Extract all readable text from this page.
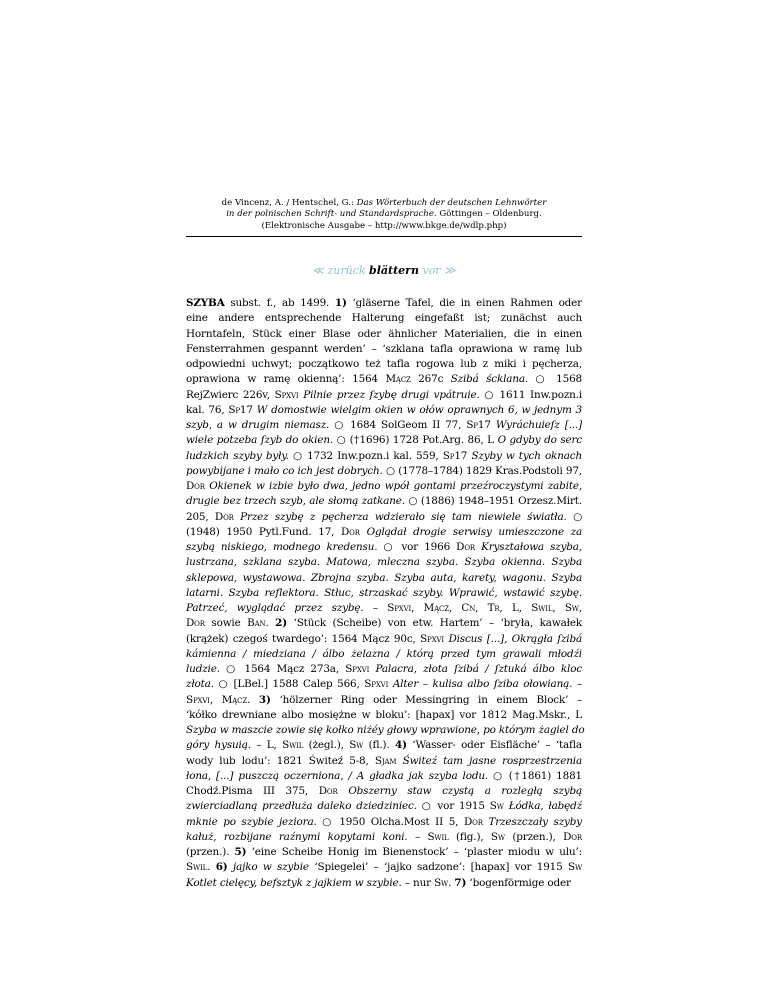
de Vincenz, A. / Hentschel, G.: Das Wörterbuch der deutschen Lehnwörter
in der polnischen Schrift- und Standardsprache. Göttingen – Oldenburg.
(Elektronische Ausgabe – http://www.bkge.de/wdlp.php)
≪ zurück blättern vor ≫
SZYBA subst. f., ab 1499. 1) ‘gläserne Tafel, die in einen Rahmen oder
eine andere entsprechende Halterung eingefaßt ist; zunächst auch
Horntafeln, Stück einer Blase oder ähnlicher Materialien, die in einen
Fensterrahmen gespannt werden’ – ‘szklana tafla oprawiona w ramę lub
odpowiedni uchwyt; początkowo też tafla rogowa lub z miki i pęcherza,
oprawiona w ramę okienną’: 1564 Mącz 267c Szibá ścklana. ○ 1568
RejZwierc 226v, Spxvi Pilnie przez ſzybę drugi vpátruie. ○ 1611 Inw.pozn.i
kal. 76, Sp17 W domostwie wielgim okien w ołów oprawnych 6, w jednym 3
szyb, a w drugim niemasz. ○ 1684 SolGeom II 77, Sp17 Wyráchuieſz [...]
wiele potzeba ſzyb do okien. ○ (†1696) 1728 Pot.Arg. 86, L O gdyby do serc
ludzkich szyby były. ○ 1732 Inw.pozn.i kal. 559, Sp17 Szyby w tych oknach
powybijane i mało co ich jest dobrych. ○ (1778–1784) 1829 Kras.Podstoli 97,
Dor Okienek w izbie było dwa, jedno wpół gontami przeźroczystymi zabite,
drugie bez trzech szyb, ale słomą zatkane. ○ (1886) 1948–1951 Orzesz.Mirt.
205, Dor Przez szybę z pęcherza wdzierało się tam niewiele światła. ○
(1948) 1950 Pytl.Fund. 17, Dor Oglądał drogie serwisy umieszczone za
szybą niskiego, modnego kredensu. ○ vor 1966 Dor Kryształowa szyba,
lustrzana, szklana szyba. Matowa, mleczna szyba. Szyba okienna. Szyba
sklepowa, wystawowa. Zbrojna szyba. Szyba auta, karety, wagonu. Szyba
latarni. Szyba reflektora. Stłuc, strzaskać szyby. Wprawić, wstawić szybę.
Patrzeć, wyglądać przez szybę. – Spxvi, Mącz, Cn, Tr, L, Swil, Sw,
Dor sowie Ban. 2) ‘Stück (Scheibe) von etw. Hartem’ – ‘bryła, kawałek
(krążek) czegoś twardego’: 1564 Mącz 90c, Spxvi Discus [...], Okrągła ſzibá
kámienna / miedziana / álbo żelazna / którą przed tym grawali młodźi
ludzie. ○ 1564 Mącz 273a, Spxvi Palacra, złota ſzibá / ſztuká álbo kloc
złota. ○ [LBel.] 1588 Calep 566, Spxvi Alter – kulisa albo ſziba ołowianą. –
Spxvi, Mącz. 3) ‘hölzerner Ring oder Messingring in einem Block’ –
‘kółko drewniane albo mosiężne w bloku’: [hapax] vor 1812 Mag.Mskr., L
Szyba w maszcie zowie się kołko niżéy głowy wprawione, po którym żagiel do
góry hysuią. – L, Swil (żegl.), Sw (fl.). 4) ‘Wasser- oder Eisfläche’ – ‘tafla
wody lub lodu’: 1821 Świteź 5-8, Sjam Świteź tam jasne rosprzestrzenia
łona, [...] puszczą oczerniona, / A gładka jak szyba lodu. ○ (†1861) 1881
Chodź.Pisma III 375, Dor Obszerny staw czystą a rozległą szybą
zwierciadlaną przedłuża daleko dziedziniec. ○ vor 1915 Sw Łódka, łabędź
mknie po szybie jeziora. ○ 1950 Olcha.Most II 5, Dor Trzeszczały szyby
kałuż, rozbijane raźnymi kopytami koni. – Swil (fig.), Sw (przen.), Dor
(przen.). 5) ‘eine Scheibe Honig im Bienenstock’ – ‘plaster miodu w ulu’:
Swil. 6) jajko w szybie ‘Spiegelei’ – ‘jajko sadzone’: [hapax] vor 1915 Sw
Kotlet cielęcy, befsztyk z jajkiem w szybie. – nur Sw. 7) ‘bogenförmige oder
